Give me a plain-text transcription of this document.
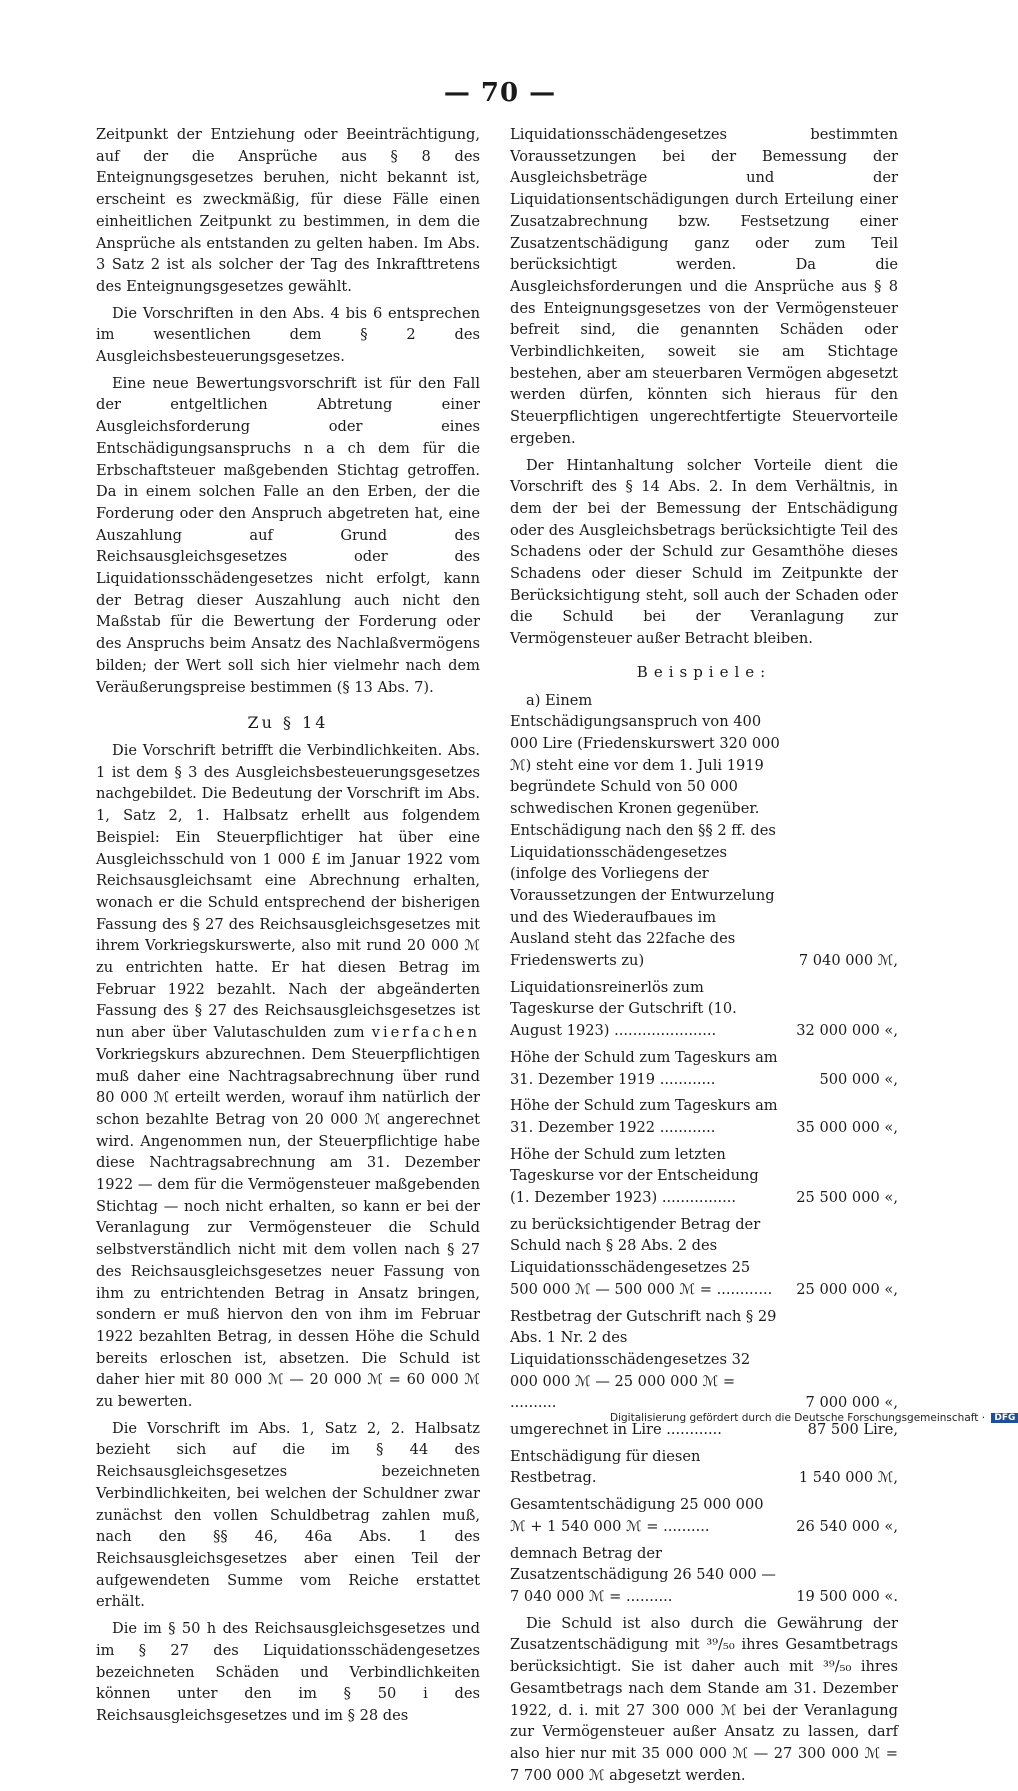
— 70 —

Zeitpunkt der Entziehung oder Beeinträchtigung, auf der die Ansprüche aus § 8 des Enteignungsgesetzes beruhen, nicht bekannt ist, erscheint es zweckmäßig, für diese Fälle einen einheitlichen Zeitpunkt zu bestimmen, in dem die Ansprüche als entstanden zu gelten haben. Im Abs. 3 Satz 2 ist als solcher der Tag des Inkrafttretens des Enteignungsgesetzes gewählt.

Die Vorschriften in den Abs. 4 bis 6 entsprechen im wesentlichen dem § 2 des Ausgleichsbesteuerungsgesetzes.

Eine neue Bewertungsvorschrift ist für den Fall der entgeltlichen Abtretung einer Ausgleichsforderung oder eines Entschädigungsanspruchs n a ch dem für die Erbschaftsteuer maßgebenden Stichtag getroffen. Da in einem solchen Falle an den Erben, der die Forderung oder den Anspruch abgetreten hat, eine Auszahlung auf Grund des Reichsausgleichsgesetzes oder des Liquidationsschädengesetzes nicht erfolgt, kann der Betrag dieser Auszahlung auch nicht den Maßstab für die Bewertung der Forderung oder des Anspruchs beim Ansatz des Nachlaßvermögens bilden; der Wert soll sich hier vielmehr nach dem Veräußerungspreise bestimmen (§ 13 Abs. 7).

Zu § 14

Die Vorschrift betrifft die Verbindlichkeiten. Abs. 1 ist dem § 3 des Ausgleichsbesteuerungsgesetzes nachgebildet. Die Bedeutung der Vorschrift im Abs. 1, Satz 2, 1. Halbsatz erhellt aus folgendem Beispiel: Ein Steuerpflichtiger hat über eine Ausgleichsschuld von 1 000 £ im Januar 1922 vom Reichsausgleichsamt eine Abrechnung erhalten, wonach er die Schuld entsprechend der bisherigen Fassung des § 27 des Reichsausgleichsgesetzes mit ihrem Vorkriegskurswerte, also mit rund 20 000 ℳ zu entrichten hatte. Er hat diesen Betrag im Februar 1922 bezahlt. Nach der abgeänderten Fassung des § 27 des Reichsausgleichsgesetzes ist nun aber über Valutaschulden zum vierfachen Vorkriegskurs abzurechnen. Dem Steuerpflichtigen muß daher eine Nachtragsabrechnung über rund 80 000 ℳ erteilt werden, worauf ihm natürlich der schon bezahlte Betrag von 20 000 ℳ angerechnet wird. Angenommen nun, der Steuerpflichtige habe diese Nachtragsabrechnung am 31. Dezember 1922 — dem für die Vermögensteuer maßgebenden Stichtag — noch nicht erhalten, so kann er bei der Veranlagung zur Vermögensteuer die Schuld selbstverständlich nicht mit dem vollen nach § 27 des Reichsausgleichsgesetzes neuer Fassung von ihm zu entrichtenden Betrag in Ansatz bringen, sondern er muß hiervon den von ihm im Februar 1922 bezahlten Betrag, in dessen Höhe die Schuld bereits erloschen ist, absetzen. Die Schuld ist daher hier mit 80 000 ℳ — 20 000 ℳ = 60 000 ℳ zu bewerten.

Die Vorschrift im Abs. 1, Satz 2, 2. Halbsatz bezieht sich auf die im § 44 des Reichsausgleichsgesetzes bezeichneten Verbindlichkeiten, bei welchen der Schuldner zwar zunächst den vollen Schuldbetrag zahlen muß, nach den §§ 46, 46a Abs. 1 des Reichsausgleichsgesetzes aber einen Teil der aufgewendeten Summe vom Reiche erstattet erhält.

Die im § 50 h des Reichsausgleichsgesetzes und im § 27 des Liquidationsschädengesetzes bezeichneten Schäden und Verbindlichkeiten können unter den im § 50 i des Reichsausgleichsgesetzes und im § 28 des

Liquidationsschädengesetzes bestimmten Voraussetzungen bei der Bemessung der Ausgleichsbeträge und der Liquidationsentschädigungen durch Erteilung einer Zusatzabrechnung bzw. Festsetzung einer Zusatzentschädigung ganz oder zum Teil berücksichtigt werden. Da die Ausgleichsforderungen und die Ansprüche aus § 8 des Enteignungsgesetzes von der Vermögensteuer befreit sind, die genannten Schäden oder Verbindlichkeiten, soweit sie am Stichtage bestehen, aber am steuerbaren Vermögen abgesetzt werden dürfen, könnten sich hieraus für den Steuerpflichtigen ungerechtfertigte Steuervorteile ergeben.

Der Hintanhaltung solcher Vorteile dient die Vorschrift des § 14 Abs. 2. In dem Verhältnis, in dem der bei der Bemessung der Entschädigung oder des Ausgleichsbetrags berücksichtigte Teil des Schadens oder der Schuld zur Gesamthöhe dieses Schadens oder dieser Schuld im Zeitpunkte der Berücksichtigung steht, soll auch der Schaden oder die Schuld bei der Veranlagung zur Vermögensteuer außer Betracht bleiben.

Beispiele:
a) Einem Entschädigungsanspruch von 400 000 Lire (Friedenskurswert 320 000 ℳ) steht eine vor dem 1. Juli 1919 begründete Schuld von 50 000 schwedischen Kronen gegenüber. Entschädigung nach den §§ 2 ff. des Liquidationsschädengesetzes (infolge des Vorliegens der Voraussetzungen der Entwurzelung und des Wiederaufbaues im Ausland steht das 22fache des Friedenswerts zu)	7 040 000 ℳ,
Liquidationsreinerlös zum Tageskurse der Gutschrift (10. August 1923) ......................	32 000 000 «,
Höhe der Schuld zum Tageskurs am 31. Dezember 1919 ............	500 000 «,
Höhe der Schuld zum Tageskurs am 31. Dezember 1922 ............	35 000 000 «,
Höhe der Schuld zum letzten Tageskurse vor der Entscheidung (1. Dezember 1923) ................	25 500 000 «,
zu berücksichtigender Betrag der Schuld nach § 28 Abs. 2 des Liquidationsschädengesetzes 25 500 000 ℳ — 500 000 ℳ = ............	25 000 000 «,
Restbetrag der Gutschrift nach § 29 Abs. 1 Nr. 2 des Liquidationsschädengesetzes 32 000 000 ℳ — 25 000 000 ℳ = ..........	7 000 000 «,
umgerechnet in Lire ............	87 500 Lire,
Entschädigung für diesen Restbetrag.	1 540 000 ℳ,
Gesamtentschädigung 25 000 000 ℳ + 1 540 000 ℳ = ..........	26 540 000 «,
demnach Betrag der Zusatzentschädigung 26 540 000 — 7 040 000 ℳ = ..........	19 500 000 «.

Die Schuld ist also durch die Gewährung der Zusatzentschädigung mit ³⁹/₅₀ ihres Gesamtbetrags berücksichtigt. Sie ist daher auch mit ³⁹/₅₀ ihres Gesamtbetrags nach dem Stande am 31. Dezember 1922, d. i. mit 27 300 000 ℳ bei der Veranlagung zur Vermögensteuer außer Ansatz zu lassen, darf also hier nur mit 35 000 000 ℳ — 27 300 000 ℳ = 7 700 000 ℳ abgesetzt werden.

Digitalisierung gefördert durch die Deutsche Forschungsgemeinschaft · DFG
